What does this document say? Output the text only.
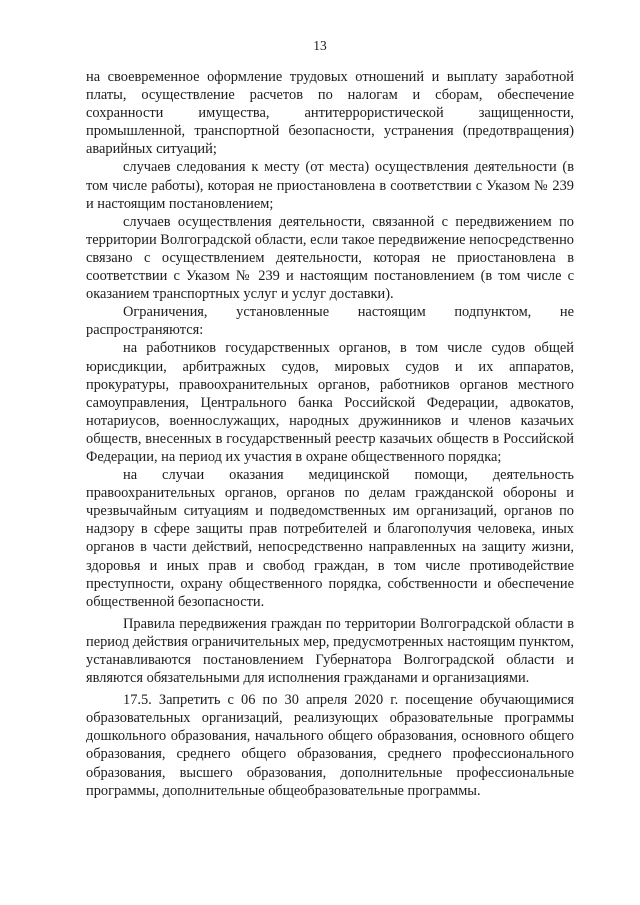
13

на своевременное оформление трудовых отношений и выплату заработной платы, осуществление расчетов по налогам и сборам, обеспечение сохранности имущества, антитеррористической защищенности, промышленной, транспортной безопасности, устранения (предотвращения) аварийных ситуаций;

случаев следования к месту (от места) осуществления деятельности (в том числе работы), которая не приостановлена в соответствии с Указом № 239 и настоящим постановлением;

случаев осуществления деятельности, связанной с передвижением по территории Волгоградской области, если такое передвижение непосредственно связано с осуществлением деятельности, которая не приостановлена в соответствии с Указом № 239 и настоящим постановлением (в том числе с оказанием транспортных услуг и услуг доставки).

Ограничения, установленные настоящим подпунктом, не распространяются:

на работников государственных органов, в том числе судов общей юрисдикции, арбитражных судов, мировых судов и их аппаратов, прокуратуры, правоохранительных органов, работников органов местного самоуправления, Центрального банка Российской Федерации, адвокатов, нотариусов, военнослужащих, народных дружинников и членов казачьих обществ, внесенных в государственный реестр казачьих обществ в Российской Федерации, на период их участия в охране общественного порядка;

на случаи оказания медицинской помощи, деятельность правоохранительных органов, органов по делам гражданской обороны и чрезвычайным ситуациям и подведомственных им организаций, органов по надзору в сфере защиты прав потребителей и благополучия человека, иных органов в части действий, непосредственно направленных на защиту жизни, здоровья и иных прав и свобод граждан, в том числе противодействие преступности, охрану общественного порядка, собственности и обеспечение общественной безопасности.

Правила передвижения граждан по территории Волгоградской области в период действия ограничительных мер, предусмотренных настоящим пунктом, устанавливаются постановлением Губернатора Волгоградской области и являются обязательными для исполнения гражданами и организациями.

17.5. Запретить с 06 по 30 апреля 2020 г. посещение обучающимися образовательных организаций, реализующих образовательные программы дошкольного образования, начального общего образования, основного общего образования, среднего общего образования, среднего профессионального образования, высшего образования, дополнительные профессиональные программы, дополнительные общеобразовательные программы.
